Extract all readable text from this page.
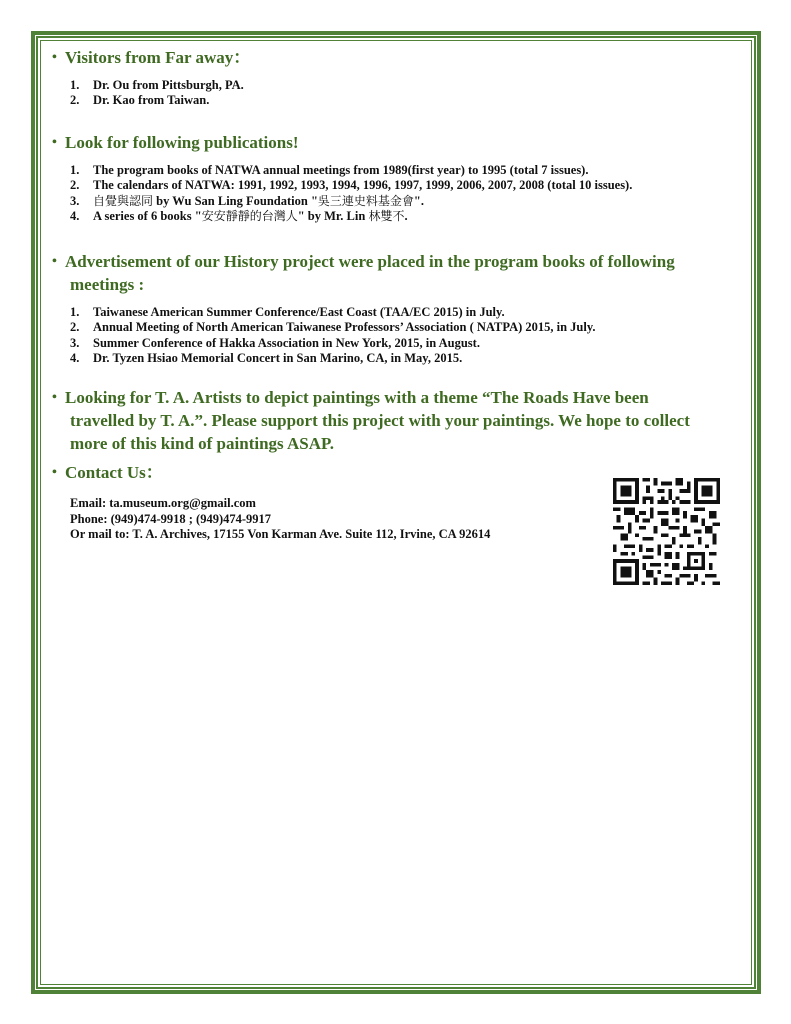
• Visitors from Far away：
1. Dr. Ou from Pittsburgh, PA.
2. Dr. Kao from Taiwan.
• Look for following publications!
1. The program books of NATWA annual meetings from 1989(first year) to 1995 (total 7 issues).
2. The calendars of NATWA: 1991, 1992, 1993, 1994, 1996, 1997, 1999, 2006, 2007, 2008 (total 10 issues).
3. 自覺與認同 by Wu San Ling Foundation "吳三連史料基金會".
4. A series of 6 books "安安靜靜的台灣人" by Mr. Lin 林雙不.
• Advertisement of our History project were placed in the program books of following
meetings :
1. Taiwanese American Summer Conference/East Coast (TAA/EC 2015) in July.
2. Annual Meeting of North American Taiwanese Professors’ Association ( NATPA) 2015, in July.
3. Summer Conference of Hakka Association in New York, 2015, in August.
4. Dr. Tyzen Hsiao Memorial Concert in San Marino, CA, in May, 2015.
• Looking for T. A. Artists to depict paintings with a theme “The Roads Have been
travelled by T. A.”. Please support this project with your paintings. We hope to collect
more of this kind of paintings ASAP.
• Contact Us：
Email: ta.museum.org@gmail.com
Phone: (949)474-9918 ; (949)474-9917
Or mail to: T. A. Archives, 17155 Von Karman Ave. Suite 112, Irvine, CA 92614
